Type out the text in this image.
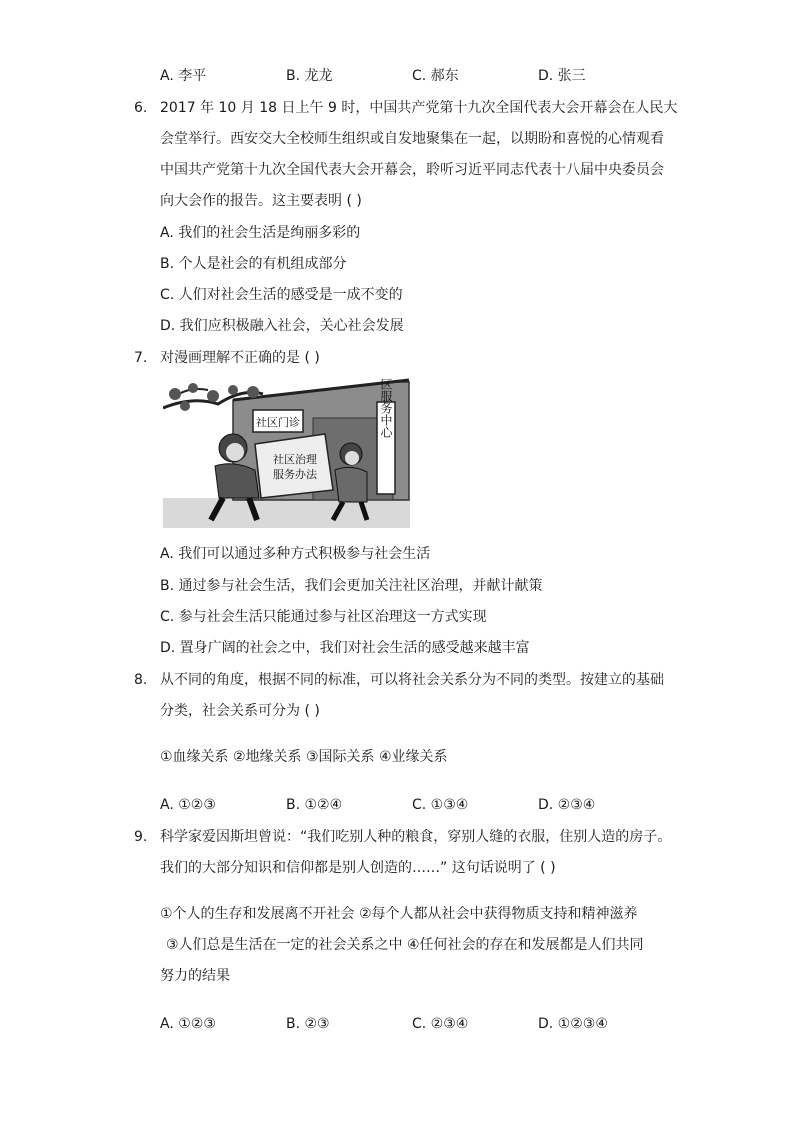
A. 李平	B. 龙龙	C. 郝东	D. 张三
6. 2017 年 10 月 18 日上午 9 时，中国共产党第十九次全国代表大会开幕会在人民大
会堂举行。西安交大全校师生组织或自发地聚集在一起，以期盼和喜悦的心情观看
中国共产党第十九次全国代表大会开幕会，聆听习近平同志代表十八届中央委员会
向大会作的报告。这主要表明 ( )
A. 我们的社会生活是绚丽多彩的
B. 个人是社会的有机组成部分
C. 人们对社会生活的感受是一成不变的
D. 我们应积极融入社会，关心社会发展
7. 对漫画理解不正确的是 ( )
社区门诊	社区服务中心
社区治理
服务办法
A. 我们可以通过多种方式积极参与社会生活
B. 通过参与社会生活，我们会更加关注社区治理，并献计献策
C. 参与社会生活只能通过参与社区治理这一方式实现
D. 置身广阔的社会之中，我们对社会生活的感受越来越丰富
8. 从不同的角度，根据不同的标准，可以将社会关系分为不同的类型。按建立的基础
分类，社会关系可分为 ( )
①血缘关系 ②地缘关系 ③国际关系 ④业缘关系
A. ①②③	B. ①②④	C. ①③④	D. ②③④
9. 科学家爱因斯坦曾说：“我们吃别人种的粮食，穿别人缝的衣服，住别人造的房子。
我们的大部分知识和信仰都是别人创造的……” 这句话说明了 ( )
①个人的生存和发展离不开社会 ②每个人都从社会中获得物质支持和精神滋养
③人们总是生活在一定的社会关系之中 ④任何社会的存在和发展都是人们共同
努力的结果
A. ①②③	B. ②③	C. ②③④	D. ①②③④
